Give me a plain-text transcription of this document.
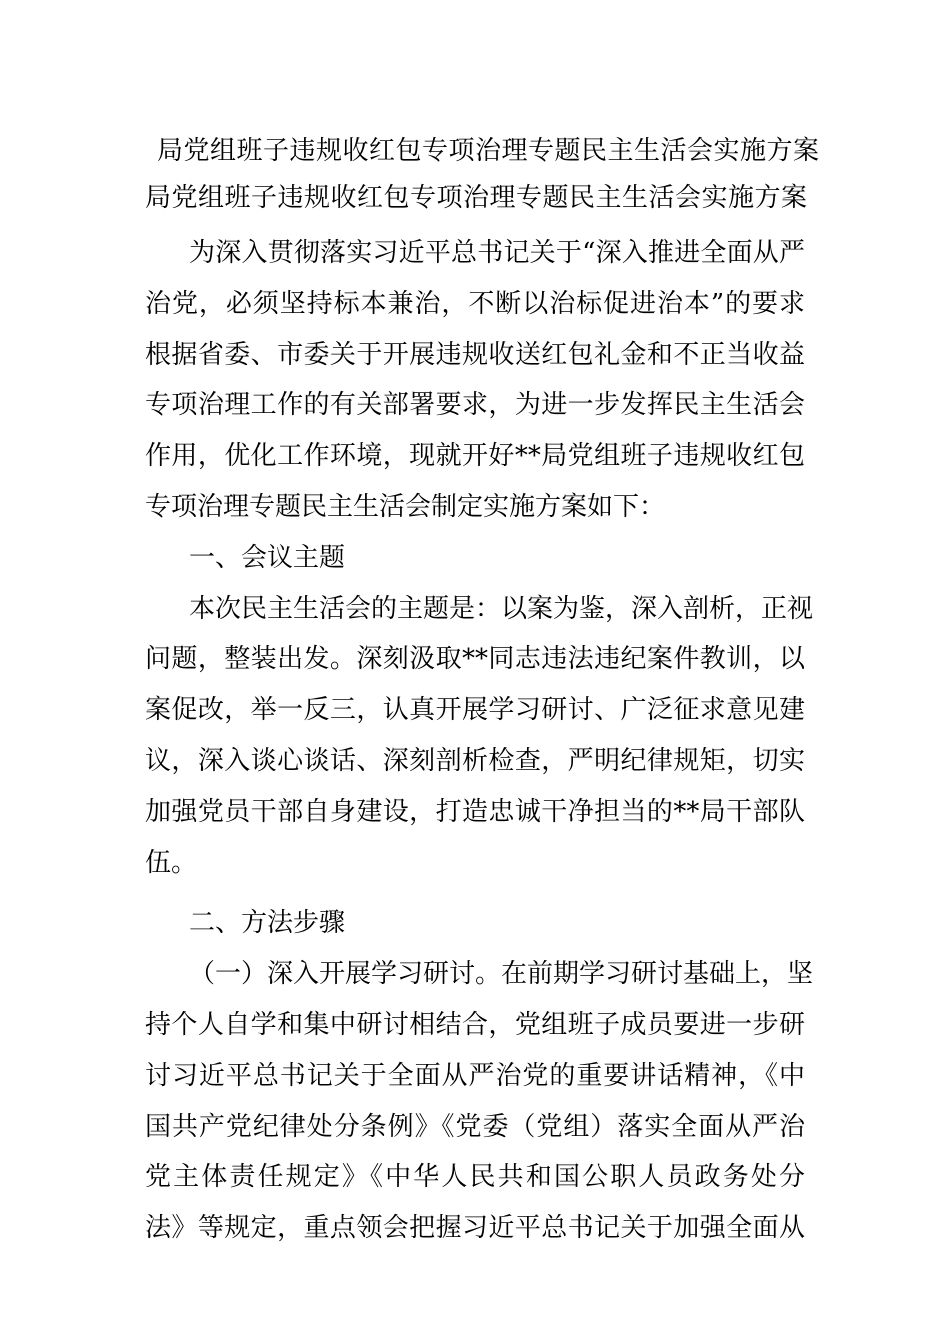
局党组班子违规收红包专项治理专题民主生活会实施方案
局党组班子违规收红包专项治理专题民主生活会实施方案
为深入贯彻落实习近平总书记关于“深入推进全面从严
治党，必须坚持标本兼治，不断以治标促进治本”的要求
根据省委、市委关于开展违规收送红包礼金和不正当收益
专项治理工作的有关部署要求，为进一步发挥民主生活会
作用，优化工作环境，现就开好**局党组班子违规收红包
专项治理专题民主生活会制定实施方案如下：
一、会议主题
本次民主生活会的主题是：以案为鉴，深入剖析，正视
问题，整装出发。深刻汲取**同志违法违纪案件教训，以
案促改，举一反三，认真开展学习研讨、广泛征求意见建
议，深入谈心谈话、深刻剖析检查，严明纪律规矩，切实
加强党员干部自身建设，打造忠诚干净担当的**局干部队
伍。
二、方法步骤
（一）深入开展学习研讨。在前期学习研讨基础上，坚
持个人自学和集中研讨相结合，党组班子成员要进一步研
讨习近平总书记关于全面从严治党的重要讲话精神，《中
国共产党纪律处分条例》《党委（党组）落实全面从严治
党主体责任规定》《中华人民共和国公职人员政务处分
法》等规定，重点领会把握习近平总书记关于加强全面从
